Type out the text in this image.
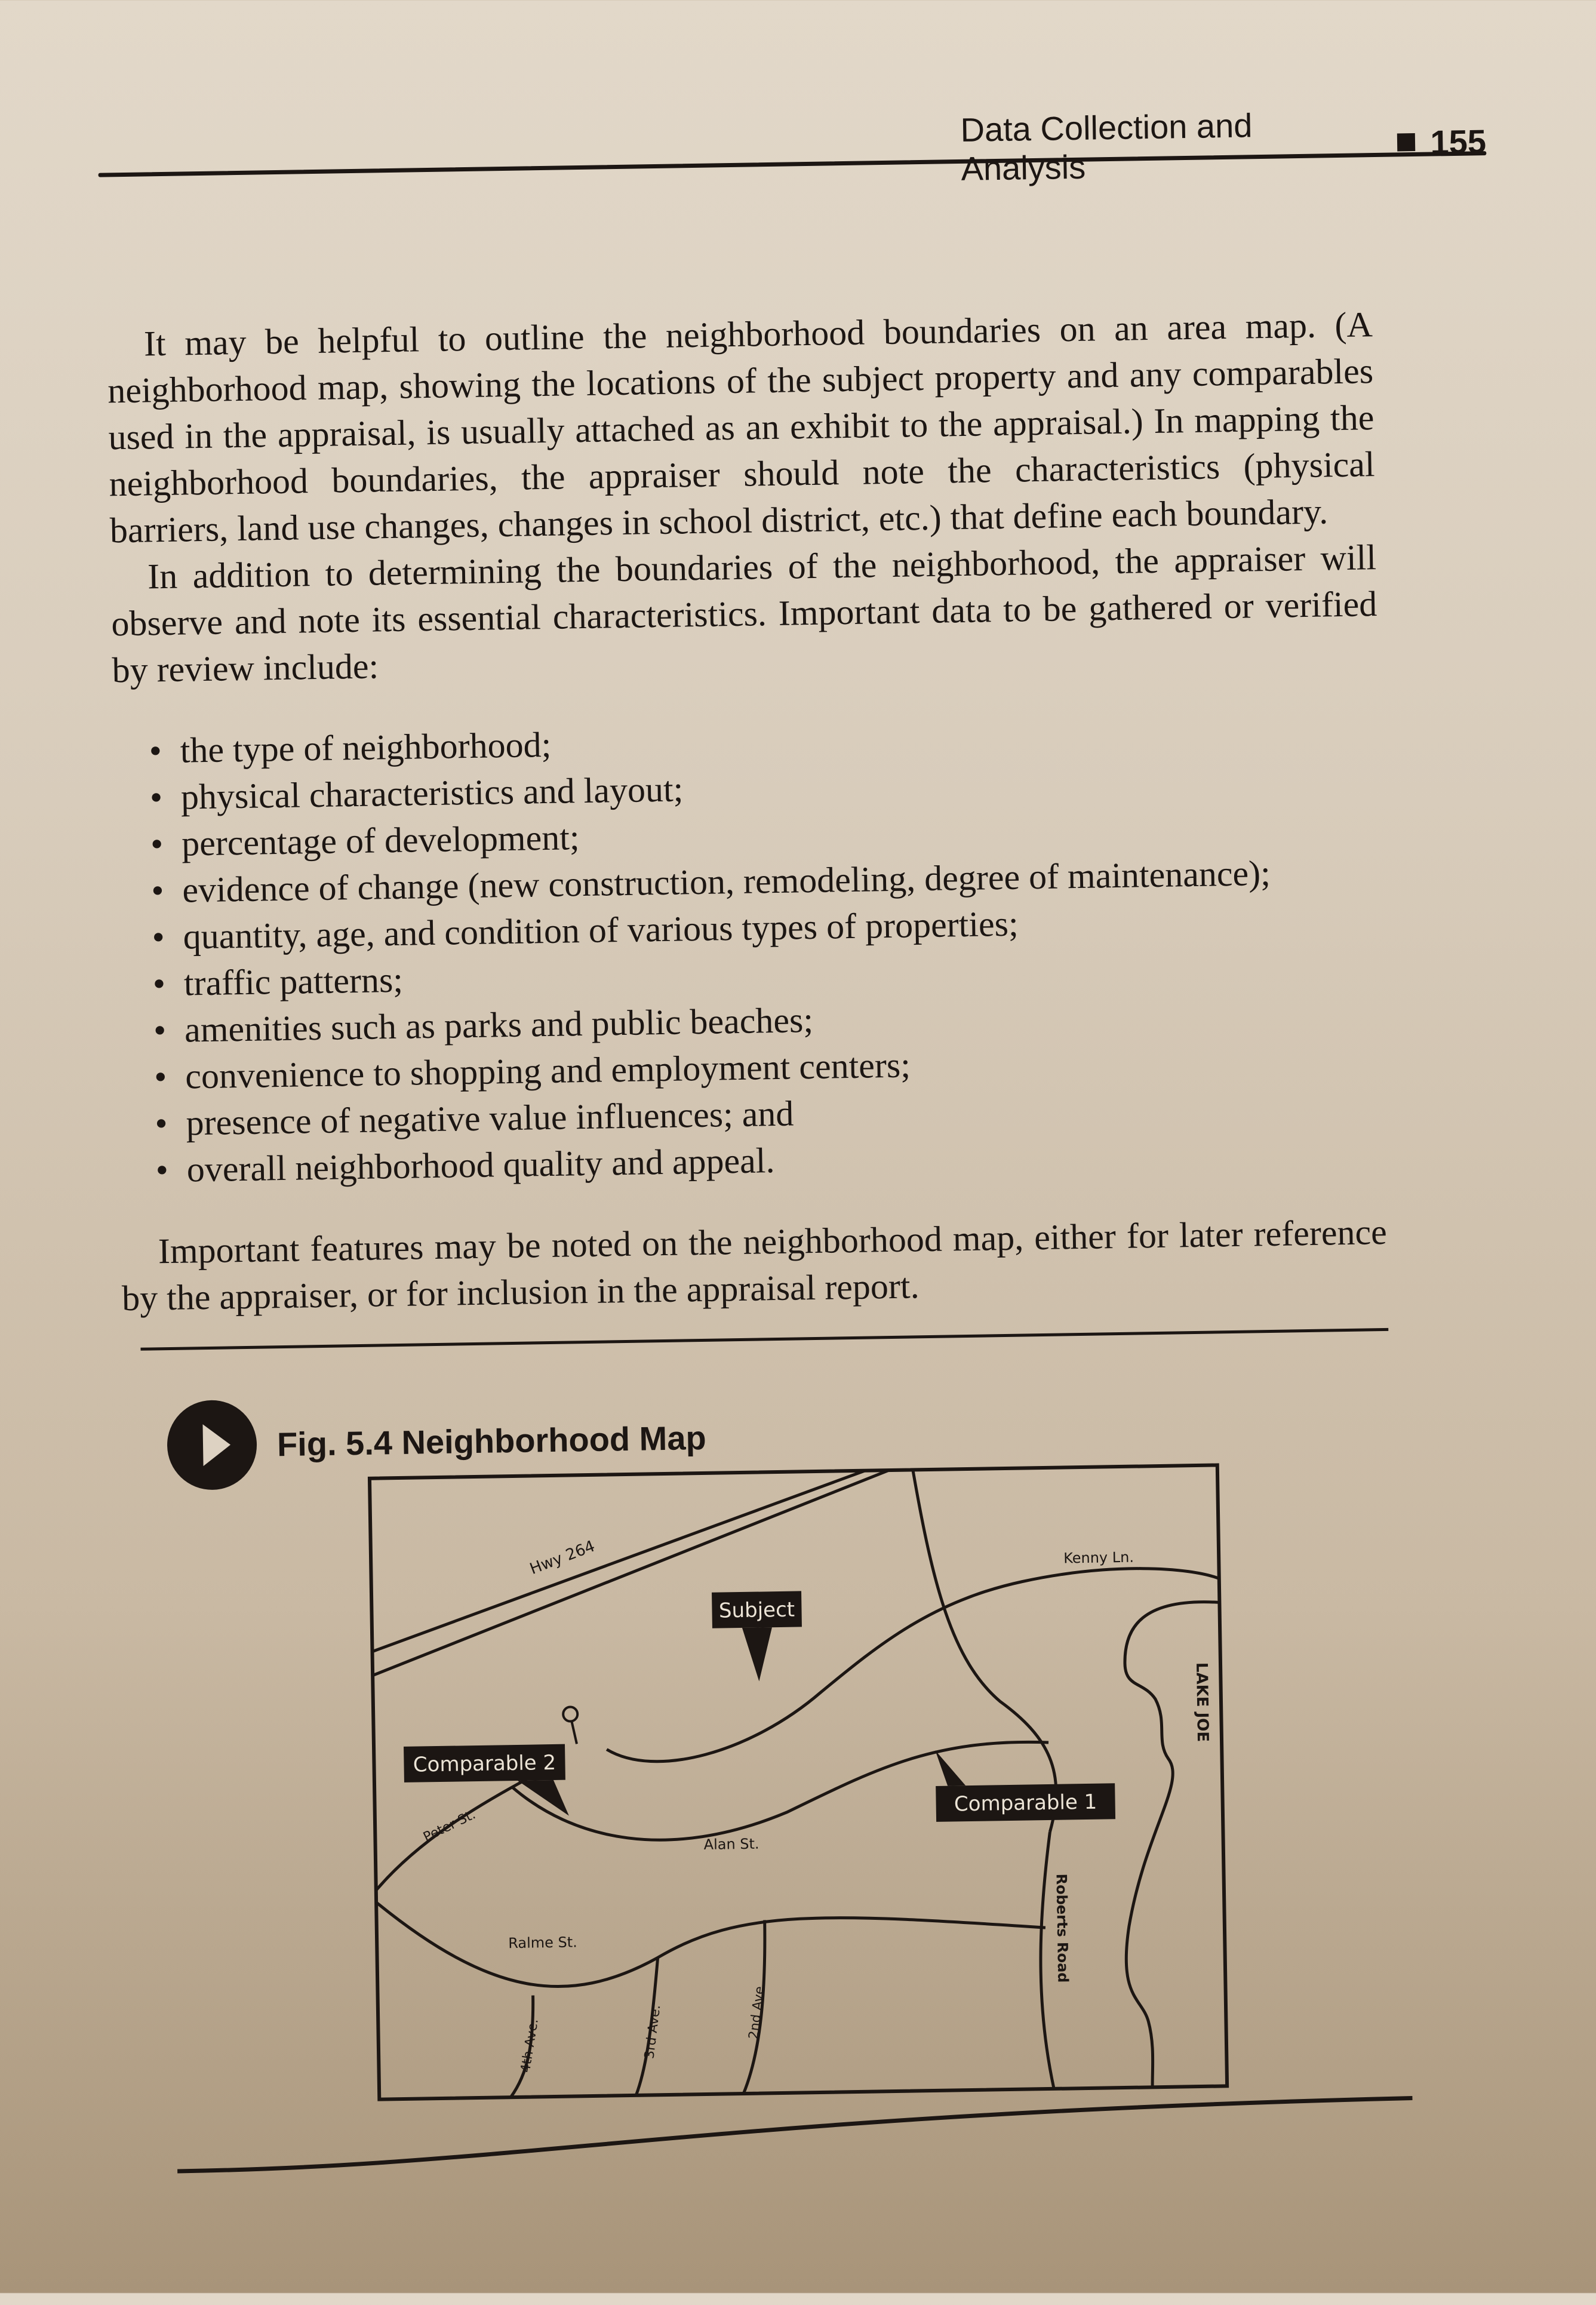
Data Collection and Analysis
155

It may be helpful to outline the neighborhood boundaries on an area map. (A neighborhood map, showing the locations of the subject property and any comparables used in the appraisal, is usually attached as an exhibit to the appraisal.) In mapping the neighborhood boundaries, the appraiser should note the characteristics (physical barriers, land use changes, changes in school district, etc.) that define each boundary.

In addition to determining the boundaries of the neighborhood, the appraiser will observe and note its essential characteristics. Important data to be gathered or verified by review include:

• the type of neighborhood;
• physical characteristics and layout;
• percentage of development;
• evidence of change (new construction, remodeling, degree of maintenance);
• quantity, age, and condition of various types of properties;
• traffic patterns;
• amenities such as parks and public beaches;
• convenience to shopping and employment centers;
• presence of negative value influences; and
• overall neighborhood quality and appeal.

Important features may be noted on the neighborhood map, either for later reference by the appraiser, or for inclusion in the appraisal report.

Fig. 5.4 Neighborhood Map
Subject
Comparable 2
Comparable 1
Hwy 264	Kenny Ln.
Peter St.	Alan St.
Ralme St.
4th Ave.	3rd Ave.	2nd Ave.
Roberts Road
LAKE JOE
